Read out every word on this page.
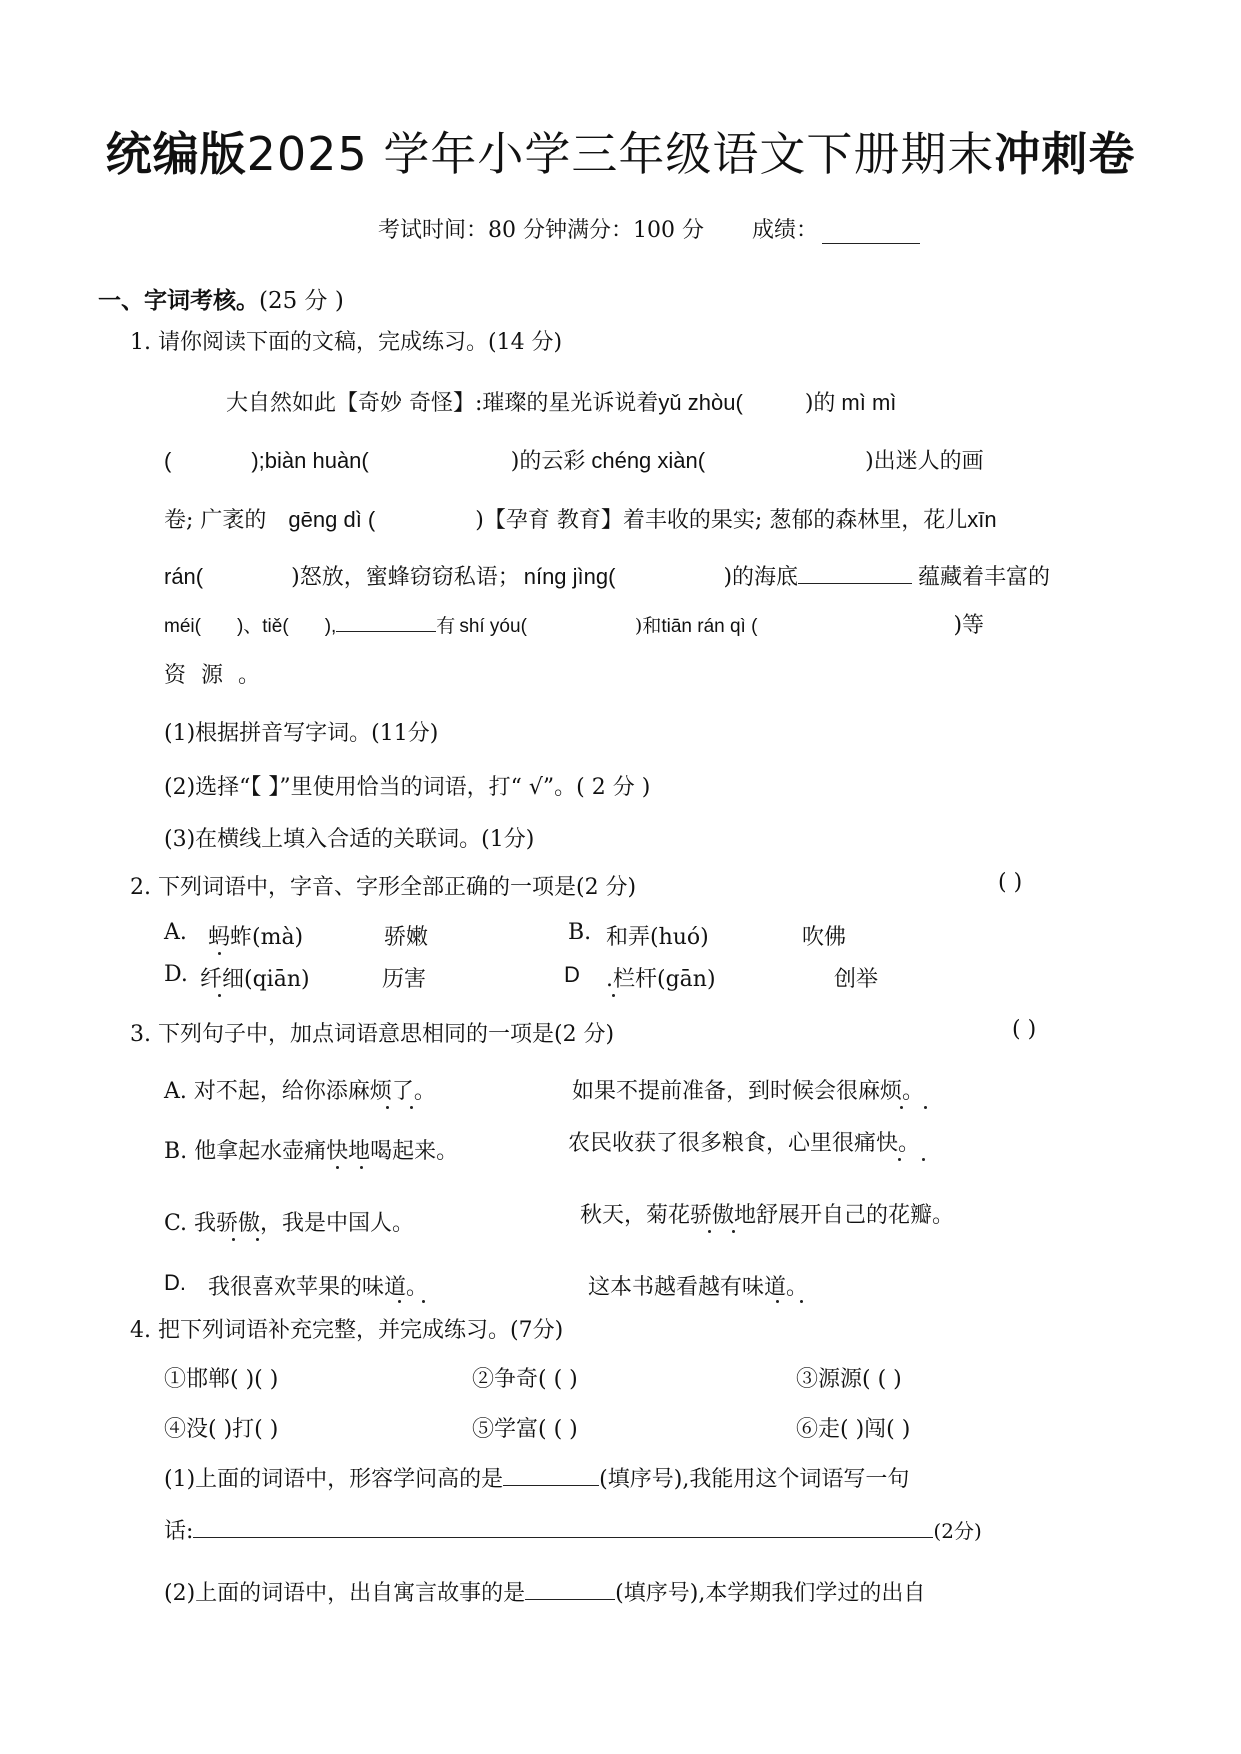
统编版2025 学年小学三年级语文下册期末冲刺卷
考试时间：80 分钟满分：100 分 成绩：
一、字词考核。(25 分 )
1. 请你阅读下面的文稿，完成练习。(14 分)
大自然如此【奇妙 奇怪】:璀璨的星光诉说着yǔ zhòu(	)的 mì mì
(	);biàn huàn(	)的云彩 chéng xiàn(	)出迷人的画
卷; 广袤的 gēng dì (	)【孕育 教育】着丰收的果实; 葱郁的森林里，花儿xīn
rán(	)怒放，蜜蜂窃窃私语； níng jìng(	)的海底	蕴藏着丰富的
méi( )、tiě( ),	有 shí yóu(	)和tiān rán qì (	)等
资 源 。
(1)根据拼音写字词。(11分)
(2)选择“【 】”里使用恰当的词语，打“ √”。( 2 分 )
(3)在横线上填入合适的关联词。(1分)
2. 下列词语中，字音、字形全部正确的一项是(2 分)	( )
A. 蚂蚱(mà)	骄嫩	B. 和弄(huó)	吹佛
D. 纤细(qiān)	历害	D .栏杆(gān)	创举
3. 下列句子中，加点词语意思相同的一项是(2 分)	( )
A. 对不起，给你添麻烦了。	如果不提前准备，到时候会很麻烦。
B. 他拿起水壶痛快地喝起来。	农民收获了很多粮食，心里很痛快。
C. 我骄傲，我是中国人。	秋天，菊花骄傲地舒展开自己的花瓣。
D. 我很喜欢苹果的味道。	这本书越看越有味道。
4. 把下列词语补充完整，并完成练习。(7分)
①邯郸( )( )	②争奇( ( )	③源源( ( )
④没( )打( )	⑤学富( ( )	⑥走( )闯( )
(1)上面的词语中，形容学问高的是	(填序号),我能用这个词语写一句
话:	(2分)
(2)上面的词语中，出自寓言故事的是	(填序号),本学期我们学过的出自
